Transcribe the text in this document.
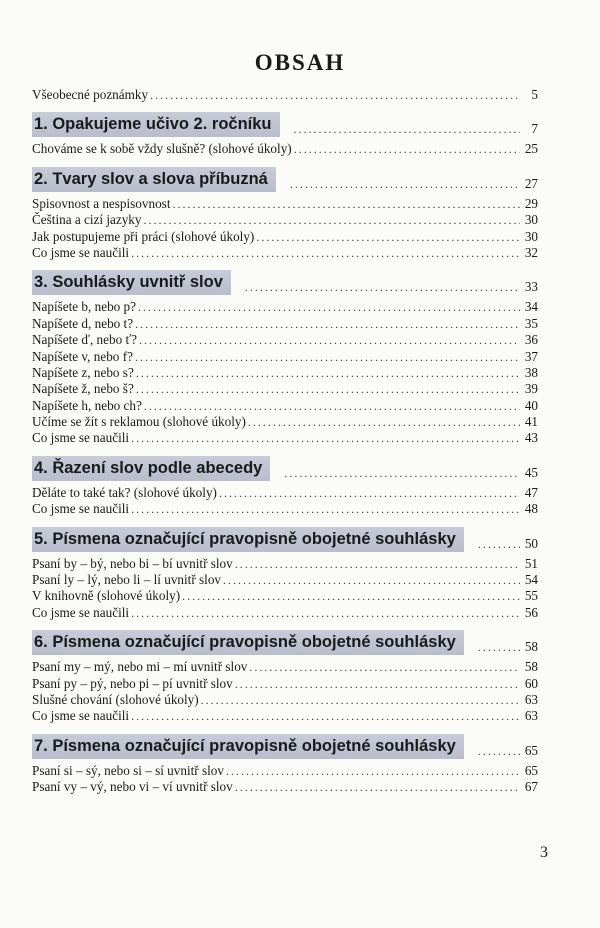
OBSAH
Všeobecné poznámky . . .	5
1. Opakujeme učivo 2. ročníku . . .	7
Chováme se k sobě vždy slušně? (slohové úkoly) . . .	25
2. Tvary slov a slova příbuzná . . .	27
Spisovnost a nespisovnost . . .	29
Čeština a cizí jazyky . . .	30
Jak postupujeme při práci (slohové úkoly) . . .	30
Co jsme se naučili . . .	32
3. Souhlásky uvnitř slov . . .	33
Napíšete b, nebo p? . . .	34
Napíšete d, nebo t? . . .	35
Napíšete ď, nebo ť? . . .	36
Napíšete v, nebo f? . . .	37
Napíšete z, nebo s? . . .	38
Napíšete ž, nebo š? . . .	39
Napíšete h, nebo ch? . . .	40
Učíme se žít s reklamou (slohové úkoly) . . .	41
Co jsme se naučili . . .	43
4. Řazení slov podle abecedy . . .	45
Děláte to také tak? (slohové úkoly) . . .	47
Co jsme se naučili . . .	48
5. Písmena označující pravopisně obojetné souhlásky . . .	50
Psaní by – bý, nebo bi – bí uvnitř slov . . .	51
Psaní ly – lý, nebo li – lí uvnitř slov . . .	54
V knihovně (slohové úkoly) . . .	55
Co jsme se naučili . . .	56
6. Písmena označující pravopisně obojetné souhlásky . . .	58
Psaní my – mý, nebo mi – mí uvnitř slov . . .	58
Psaní py – pý, nebo pi – pí uvnitř slov . . .	60
Slušné chování (slohové úkoly) . . .	63
Co jsme se naučili . . .	63
7. Písmena označující pravopisně obojetné souhlásky . . .	65
Psaní si – sý, nebo si – sí uvnitř slov . . .	65
Psaní vy – vý, nebo vi – ví uvnitř slov . . .	67
3
